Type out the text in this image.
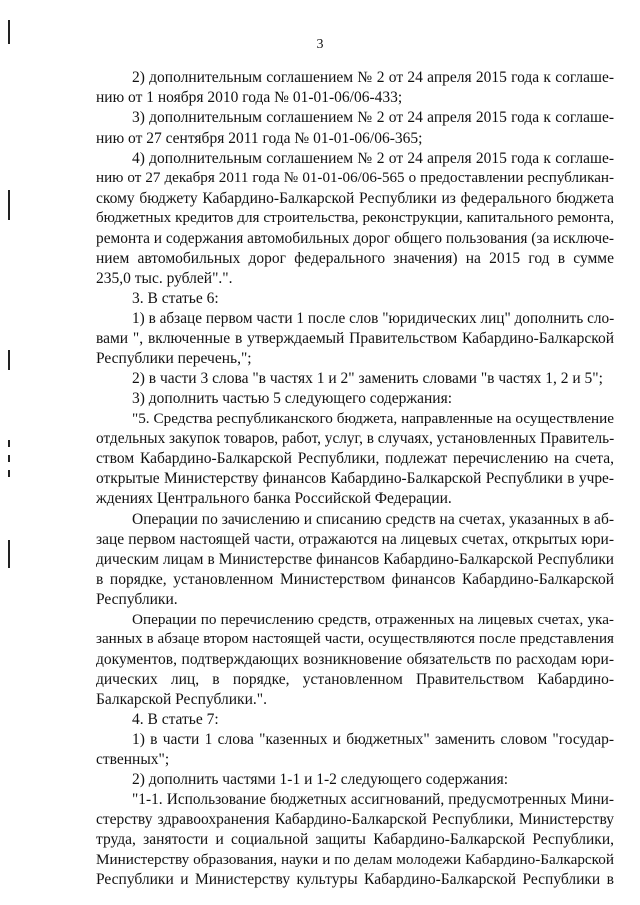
3
2) дополнительным соглашением № 2 от 24 апреля 2015 года к соглаше-
нию от 1 ноября 2010 года № 01-01-06/06-433;
3) дополнительным соглашением № 2 от 24 апреля 2015 года к соглаше-
нию от 27 сентября 2011 года № 01-01-06/06-365;
4) дополнительным соглашением № 2 от 24 апреля 2015 года к соглаше-
нию от 27 декабря 2011 года № 01-01-06/06-565 о предоставлении республикан-
скому бюджету Кабардино-Балкарской Республики из федерального бюджета
бюджетных кредитов для строительства, реконструкции, капитального ремонта,
ремонта и содержания автомобильных дорог общего пользования (за исключе-
нием автомобильных дорог федерального значения) на 2015 год в сумме
235,0 тыс. рублей".".
3. В статье 6:
1) в абзаце первом части 1 после слов "юридических лиц" дополнить сло-
вами ", включенные в утверждаемый Правительством Кабардино-Балкарской
Республики перечень,";
2) в части 3 слова "в частях 1 и 2" заменить словами "в частях 1, 2 и 5";
3) дополнить частью 5 следующего содержания:
"5. Средства республиканского бюджета, направленные на осуществление
отдельных закупок товаров, работ, услуг, в случаях, установленных Правитель-
ством Кабардино-Балкарской Республики, подлежат перечислению на счета,
открытые Министерству финансов Кабардино-Балкарской Республики в учре-
ждениях Центрального банка Российской Федерации.
Операции по зачислению и списанию средств на счетах, указанных в аб-
заце первом настоящей части, отражаются на лицевых счетах, открытых юри-
дическим лицам в Министерстве финансов Кабардино-Балкарской Республики
в порядке, установленном Министерством финансов Кабардино-Балкарской
Республики.
Операции по перечислению средств, отраженных на лицевых счетах, ука-
занных в абзаце втором настоящей части, осуществляются после представления
документов, подтверждающих возникновение обязательств по расходам юри-
дических лиц, в порядке, установленном Правительством Кабардино-
Балкарской Республики.".
4. В статье 7:
1) в части 1 слова "казенных и бюджетных" заменить словом "государ-
ственных";
2) дополнить частями 1-1 и 1-2 следующего содержания:
"1-1. Использование бюджетных ассигнований, предусмотренных Мини-
стерству здравоохранения Кабардино-Балкарской Республики, Министерству
труда, занятости и социальной защиты Кабардино-Балкарской Республики,
Министерству образования, науки и по делам молодежи Кабардино-Балкарской
Республики и Министерству культуры Кабардино-Балкарской Республики в
